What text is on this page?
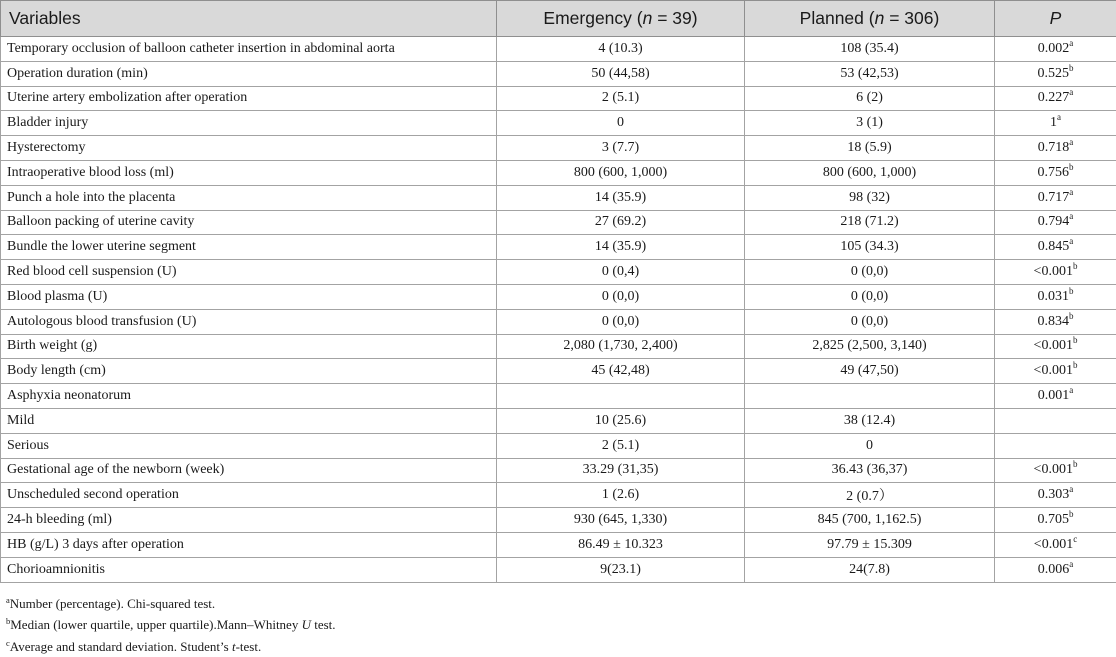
Variables	Emergency (n = 39)	Planned (n = 306)	P
Temporary occlusion of balloon catheter insertion in abdominal aorta	4 (10.3)	108 (35.4)	0.002$^a$
Operation duration (min)	50 (44,58)	53 (42,53)	0.525$^b$
Uterine artery embolization after operation	2 (5.1)	6 (2)	0.227$^a$
Bladder injury	0	3 (1)	1$^a$
Hysterectomy	3 (7.7)	18 (5.9)	0.718$^a$
Intraoperative blood loss (ml)	800 (600, 1,000)	800 (600, 1,000)	0.756$^b$
Punch a hole into the placenta	14 (35.9)	98 (32)	0.717$^a$
Balloon packing of uterine cavity	27 (69.2)	218 (71.2)	0.794$^a$
Bundle the lower uterine segment	14 (35.9)	105 (34.3)	0.845$^a$
Red blood cell suspension (U)	0 (0,4)	0 (0,0)	<0.001$^b$
Blood plasma (U)	0 (0,0)	0 (0,0)	0.031$^b$
Autologous blood transfusion (U)	0 (0,0)	0 (0,0)	0.834$^b$
Birth weight (g)	2,080 (1,730, 2,400)	2,825 (2,500, 3,140)	<0.001$^b$
Body length (cm)	45 (42,48)	49 (47,50)	<0.001$^b$
Asphyxia neonatorum			0.001$^a$
Mild	10 (25.6)	38 (12.4)	
Serious	2 (5.1)	0	
Gestational age of the newborn (week)	33.29 (31,35)	36.43 (36,37)	<0.001$^b$
Unscheduled second operation	1 (2.6)	2 (0.7）	0.303$^a$
24-h bleeding (ml)	930 (645, 1,330)	845 (700, 1,162.5)	0.705$^b$
HB (g/L) 3 days after operation	86.49 ± 10.323	97.79 ± 15.309	<0.001$^c$
Chorioamnionitis	9(23.1)	24(7.8)	0.006$^a$
$^a$Number (percentage). Chi-squared test.
$^b$Median (lower quartile, upper quartile).Mann–Whitney U test.
$^c$Average and standard deviation. Student’s t-test.
